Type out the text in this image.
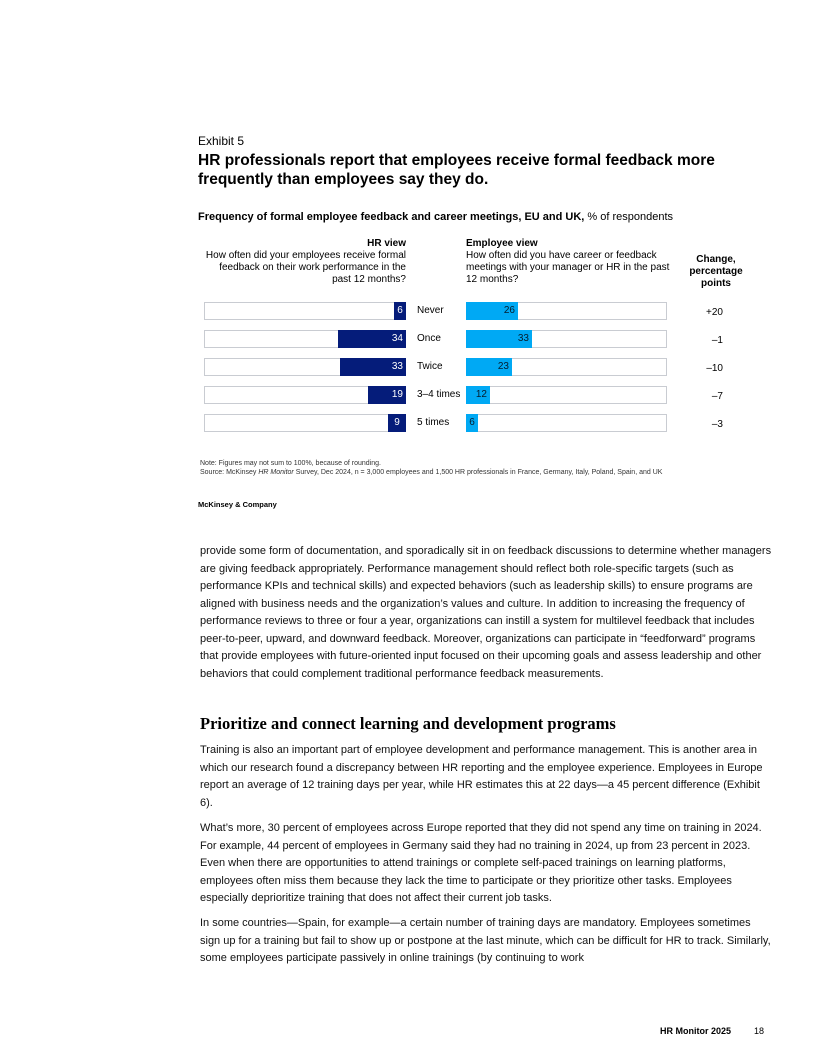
Exhibit 5
HR professionals report that employees receive formal feedback more frequently than employees say they do.
Frequency of formal employee feedback and career meetings, EU and UK, % of respondents
HR view
How often did your employees receive formal feedback on their work performance in the past 12 months?
Employee view
How often did you have career or feedback meetings with your manager or HR in the past 12 months?
Change, percentage points
6	Never	26	+20
34	Once	33	–1
33	Twice	23	–10
19	3–4 times	12	–7
9	5 times	6	–3
Note: Figures may not sum to 100%, because of rounding.
Source: McKinsey HR Monitor Survey, Dec 2024, n = 3,000 employees and 1,500 HR professionals in France, Germany, Italy, Poland, Spain, and UK
McKinsey & Company

provide some form of documentation, and sporadically sit in on feedback discussions to determine whether managers are giving feedback appropriately. Performance management should reflect both role-specific targets (such as performance KPIs and technical skills) and expected behaviors (such as leadership skills) to ensure programs are aligned with business needs and the organization’s values and culture. In addition to increasing the frequency of performance reviews to three or four a year, organizations can instill a system for multilevel feedback that includes peer-to-peer, upward, and downward feedback. Moreover, organizations can participate in “feedforward” programs that provide employees with future-oriented input focused on their upcoming goals and assess leadership and other behaviors that could complement traditional performance feedback measurements.

Prioritize and connect learning and development programs

Training is also an important part of employee development and performance management. This is another area in which our research found a discrepancy between HR reporting and the employee experience. Employees in Europe report an average of 12 training days per year, while HR estimates this at 22 days—a 45 percent difference (Exhibit 6).

What’s more, 30 percent of employees across Europe reported that they did not spend any time on training in 2024. For example, 44 percent of employees in Germany said they had no training in 2024, up from 23 percent in 2023. Even when there are opportunities to attend trainings or complete self-paced trainings on learning platforms, employees often miss them because they lack the time to participate or they prioritize other tasks. Employees especially deprioritize training that does not affect their current job tasks.

In some countries—Spain, for example—a certain number of training days are mandatory. Employees sometimes sign up for a training but fail to show up or postpone at the last minute, which can be difficult for HR to track. Similarly, some employees participate passively in online trainings (by continuing to work

HR Monitor 2025	18
